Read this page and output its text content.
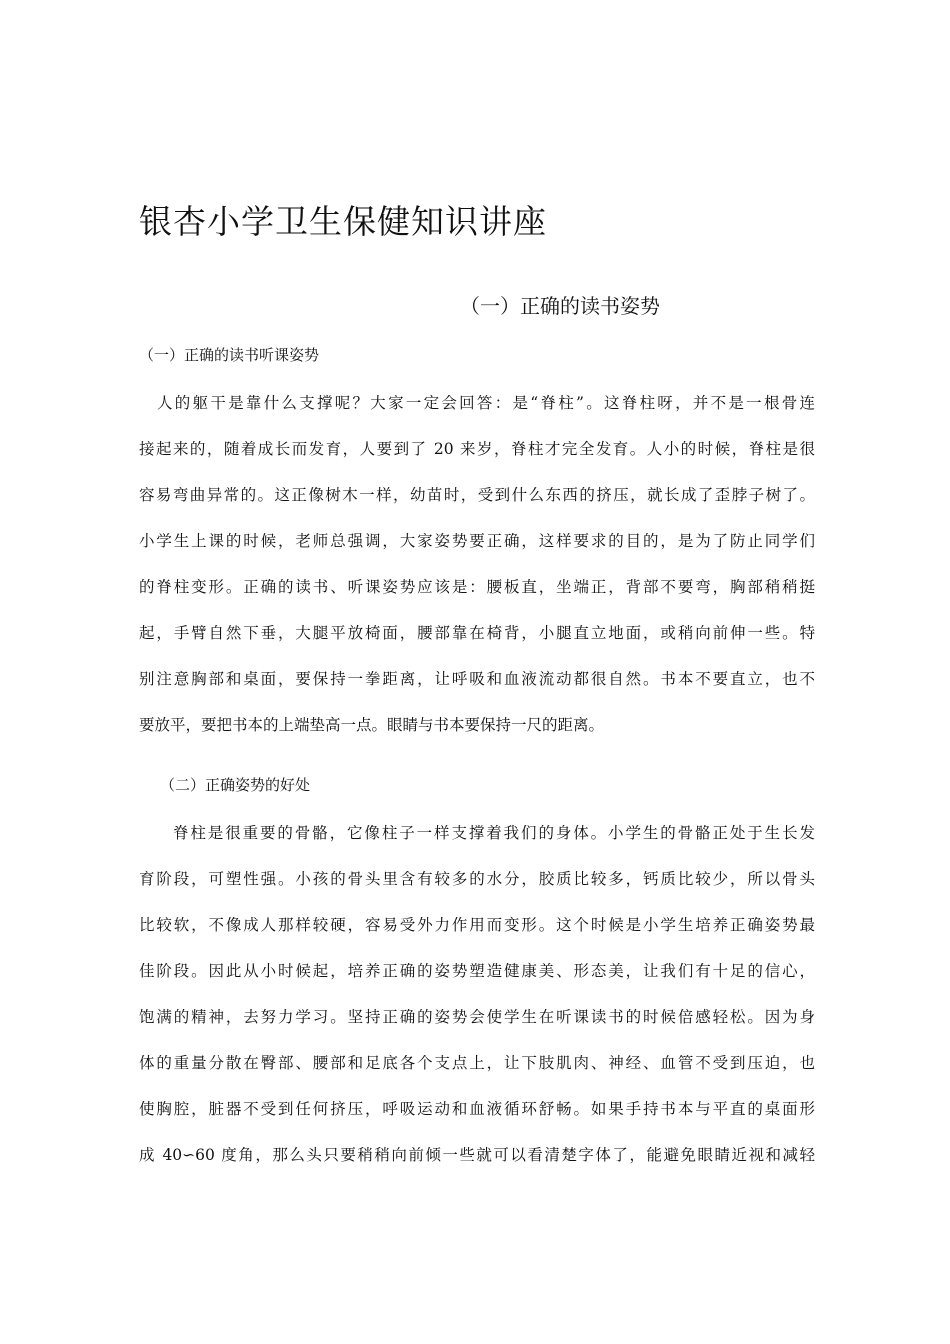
银杏小学卫生保健知识讲座
（一）正确的读书姿势
（一）正确的读书听课姿势
人的躯干是靠什么支撑呢？大家一定会回答：是“脊柱”。这脊柱呀，并不是一根骨连
接起来的，随着成长而发育，人要到了 20 来岁，脊柱才完全发育。人小的时候，脊柱是很
容易弯曲异常的。这正像树木一样，幼苗时，受到什么东西的挤压，就长成了歪脖子树了。
小学生上课的时候，老师总强调，大家姿势要正确，这样要求的目的，是为了防止同学们
的脊柱变形。正确的读书、听课姿势应该是：腰板直，坐端正，背部不要弯，胸部稍稍挺
起，手臂自然下垂，大腿平放椅面，腰部靠在椅背，小腿直立地面，或稍向前伸一些。特
别注意胸部和桌面，要保持一拳距离，让呼吸和血液流动都很自然。书本不要直立，也不
要放平，要把书本的上端垫高一点。眼睛与书本要保持一尺的距离。
（二）正确姿势的好处
脊柱是很重要的骨骼，它像柱子一样支撑着我们的身体。小学生的骨骼正处于生长发
育阶段，可塑性强。小孩的骨头里含有较多的水分，胶质比较多，钙质比较少，所以骨头
比较软，不像成人那样较硬，容易受外力作用而变形。这个时候是小学生培养正确姿势最
佳阶段。因此从小时候起，培养正确的姿势塑造健康美、形态美，让我们有十足的信心，
饱满的精神，去努力学习。坚持正确的姿势会使学生在听课读书的时候倍感轻松。因为身
体的重量分散在臀部、腰部和足底各个支点上，让下肢肌肉、神经、血管不受到压迫，也
使胸腔，脏器不受到任何挤压，呼吸运动和血液循环舒畅。如果手持书本与平直的桌面形
成 40∽60 度角，那么头只要稍稍向前倾一些就可以看清楚字体了，能避免眼睛近视和减轻
